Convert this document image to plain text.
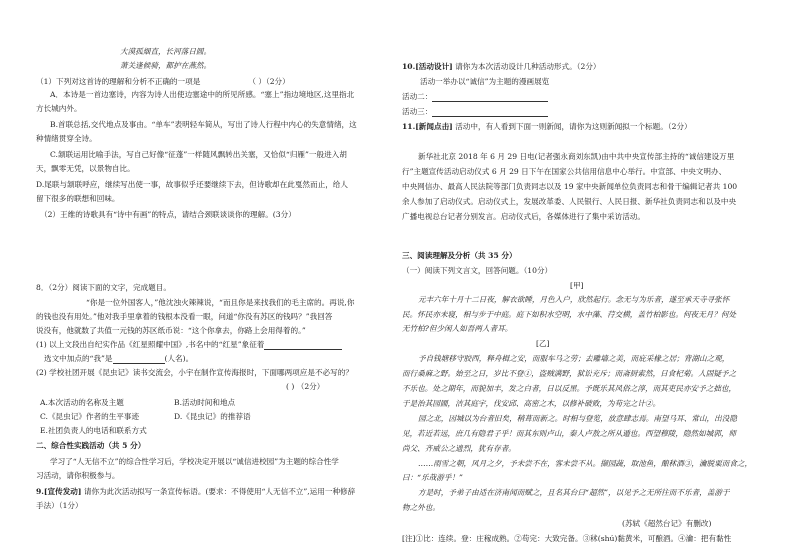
大漠孤烟直，长河落日圆。
萧关逢候骑，都护在燕然。
（1）下列对这首诗的理解和分析不正确的一项是	（ ）（2分）
A．本诗是一首边塞诗，内容为诗人出使边塞途中的所见所感。“塞上”指边境地区,这里指北
方长城内外。
B.首联总括,交代地点及事由。“单车”表明轻车简从，写出了诗人行程中内心的失意情绪，这
种情绪贯穿全诗。
C.颔联运用比喻手法，写自己好像“征蓬”一样随风飘转出关塞，又恰似“归雁”一般进入胡
天，飘零无凭，以景物自比。
D.尾联与颔联呼应，继续写出使一事，故事似乎还要继续下去，但诗歌却在此戛然而止，给人
留下很多的联想和回味。
（2）王维的诗歌具有“诗中有画”的特点，请结合颈联谈谈你的理解。(3分）
8．（2分）阅读下面的文字，完成题目。
“你是一位外国客人，”他沈浊火辣辣说，“而且你是来找我们的毛主席的。再说,你
的钱也没有用处。”他对我手里拿着的钱根本没看一眼，问道“你没有苏区的钱吗？”我回答
说没有，他就数了共值一元钱的苏区纸币说：“这个你拿去，你路上会用得着的。”
(1) 以上文段出自纪实作品《红星照耀中国》,书名中的“红星”象征着
选文中加点的“我”是	(人名)。
(2) 学校社团开展《昆虫记》读书交流会，小宇在制作宣传海报时，下面哪两项应是不必写的？
( ) （2分）
A.本次活动的名称及主题	B.活动时间和地点
C.《昆虫记》作者的生平事迹	D.《昆虫记》的推荐语
E.社团负责人的电话和联系方式
二、综合性实践活动（共 5 分）
学习了“人无信不立”的综合性学习后，学校决定开展以“诚信进校园”为主题的综合性学
习活动，请你积极参与。
9.[宣传发动] 请你为此次活动拟写一条宣传标语。(要求：不得使用“人无信不立”,运用一种修辞
手法）（1分）
10.[活动设计] 请你为本次活动设计几种活动形式。（2分）
活动一举办以“诚信”为主题的漫画展览
活动二：
活动三：
11.[新闻点击] 活动中，有人看到下面一则新闻，请你为这则新闻拟一个标题。（2分）
新华社北京 2018 年 6 月 29 日电(记者强永商刘东凯)由中共中央宣传部主持的“诚信建设万里
行”主题宣传活动启动仪式 6 月 29 日下午在国家公共信用信息中心举行。中宣部、中央文明办、
中央网信办、最高人民法院等部门负责同志以及 19 家中央新闻单位负责同志和骨干编辑记者共 100
余人参加了启动仪式。启动仪式上，发展改革委、人民银行、人民日报、新华社负责同志和以及中央
广播电视总台记者分别发言。启动仪式后，各媒体进行了集中采访活动。
三、阅读理解及分析（共 35 分）
（一）阅读下列文言文，回答问题。（10分）
[甲]
元丰六年十月十二日夜，解衣欲睡，月色入户，欣然起行。念无与为乐者，遂至承天寺寻张怀
民。怀民亦未寝，相与步于中庭。庭下如积水空明，水中藻、荇交横，盖竹柏影也。何夜无月？何处
无竹柏?但少闲人如吾两人者耳。
[乙]
予自钱塘移守胶西，释舟楫之安，而服车马之劳；去雕墙之美，而庇采椽之居；背湖山之观，
而行桑麻之野。始至之日，岁比不登①，盗贼满野，狱讼充斥；而斋厨索然，日食杞菊。人固疑予之
不乐也。处之期年，而貌加丰，发之白者，日以反黑。予既乐其风俗之淳，而其吏民亦安予之拙也，
于是治其园圃，洁其庭宇，伐安邱、高密之木，以修补破败，为苟完之计②。
园之北，因城以为台者旧矣，稍葺而新之。时相与登览，放意肆志焉。南望马耳、常山，出没隐
见，若近若远，庶几有隐君子乎！而其东则卢山，秦人卢敖之所从遁也。西望穆陵，隐然如城郭，师
尚父、齐威公之遗烈，犹有存者。
……雨雪之朝，风月之夕，予未尝不在，客未尝不从。撷园蔬，取池鱼，酿秫酒③，瀹脱粟而食之，
曰：“乐哉游乎！”
方是时，予弟子由适在济南闻而赋之，且名其台曰“超然”，以见予之无所往而不乐者，盖游于
物之外也。
(苏轼《超然台记》有删改)
[注]①比：连续。登：庄稼成熟。②苟完：大致完备。③秫(shú)黏黄米，可酿酒。④瀹：把有黏性
